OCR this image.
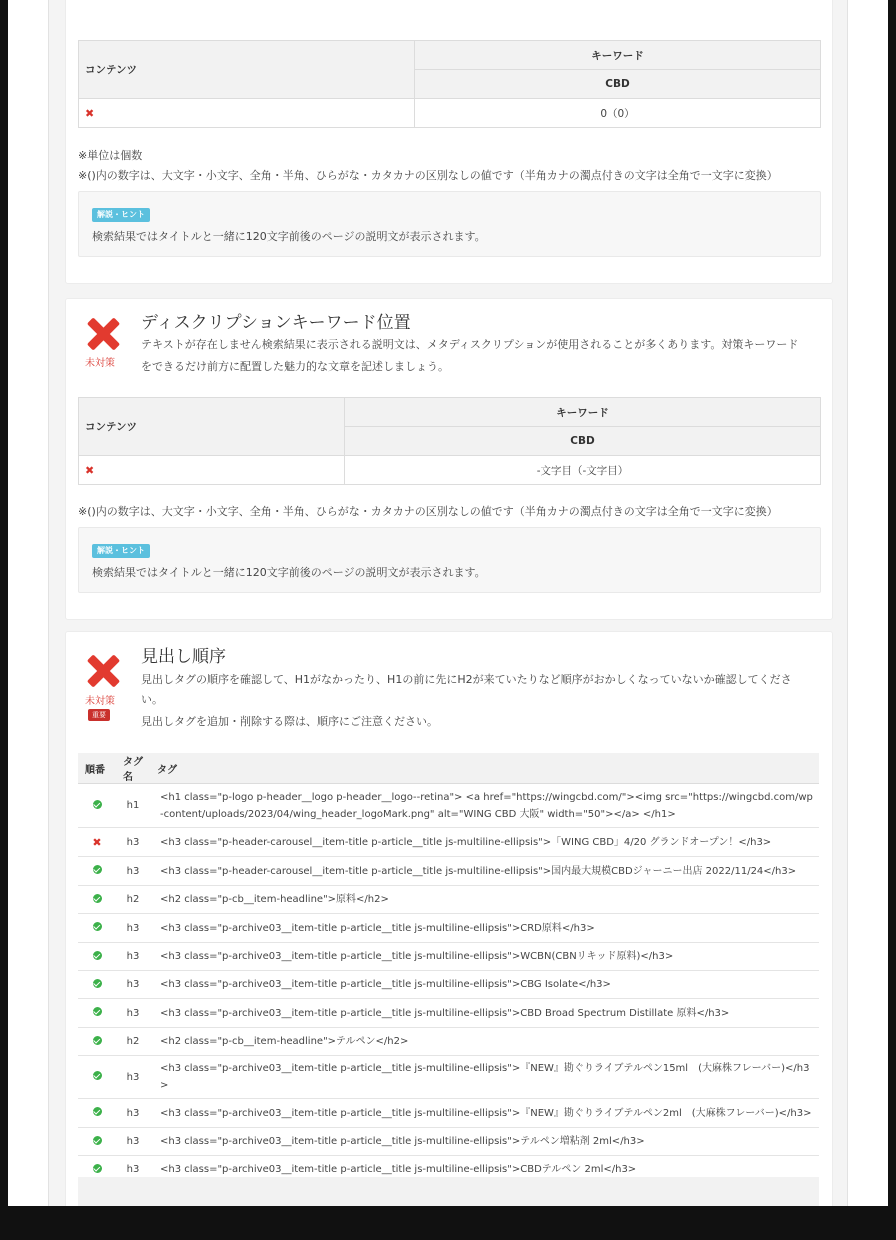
コンテンツ	キーワード
	CBD
✖	0（0）
※単位は個数
※()内の数字は、大文字・小文字、全角・半角、ひらがな・カタカナの区別なしの値です（半角カナの濁点付きの文字は全角で一文字に変換）
解説・ヒント
検索結果ではタイトルと一緒に120文字前後のページの説明文が表示されます。
未対策
ディスクリプションキーワード位置
テキストが存在しません検索結果に表示される説明文は、メタディスクリプションが使用されることが多くあります。対策キーワードをできるだけ前方に配置した魅力的な文章を記述しましょう。
コンテンツ	キーワード
	CBD
✖	-文字目（-文字目）
※()内の数字は、大文字・小文字、全角・半角、ひらがな・カタカナの区別なしの値です（半角カナの濁点付きの文字は全角で一文字に変換）
解説・ヒント
検索結果ではタイトルと一緒に120文字前後のページの説明文が表示されます。
未対策
重要
見出し順序
見出しタグの順序を確認して、H1がなかったり、H1の前に先にH2が来ていたりなど順序がおかしくなっていないか確認してください。
見出しタグを追加・削除する際は、順序にご注意ください。
順番	タグ名	タグ
	h1	<h1 class="p-logo p-header__logo p-header__logo--retina"> <a href="https://wingcbd.com/"><img src="https://wingcbd.com/wp-content/uploads/2023/04/wing_header_logoMark.png" alt="WING CBD 大阪" width="50"></a> </h1>
✖	h3	<h3 class="p-header-carousel__item-title p-article__title js-multiline-ellipsis">「WING CBD」4/20 グランドオープン！</h3>
	h3	<h3 class="p-header-carousel__item-title p-article__title js-multiline-ellipsis">国内最大規模CBDジャーニー出店 2022/11/24</h3>
	h2	<h2 class="p-cb__item-headline">原料</h2>
	h3	<h3 class="p-archive03__item-title p-article__title js-multiline-ellipsis">CRD原料</h3>
	h3	<h3 class="p-archive03__item-title p-article__title js-multiline-ellipsis">WCBN(CBNリキッド原料)</h3>
	h3	<h3 class="p-archive03__item-title p-article__title js-multiline-ellipsis">CBG Isolate</h3>
	h3	<h3 class="p-archive03__item-title p-article__title js-multiline-ellipsis">CBD Broad Spectrum Distillate 原料</h3>
	h2	<h2 class="p-cb__item-headline">テルペン</h2>
	h3	<h3 class="p-archive03__item-title p-article__title js-multiline-ellipsis">『NEW』勘ぐりライブテルペン15ml　(大麻株フレーバー)</h3>
	h3	<h3 class="p-archive03__item-title p-article__title js-multiline-ellipsis">『NEW』勘ぐりライブテルペン2ml　(大麻株フレーバー)</h3>
	h3	<h3 class="p-archive03__item-title p-article__title js-multiline-ellipsis">テルペン増粘剤 2ml</h3>
	h3	<h3 class="p-archive03__item-title p-article__title js-multiline-ellipsis">CBDテルペン 2ml</h3>
